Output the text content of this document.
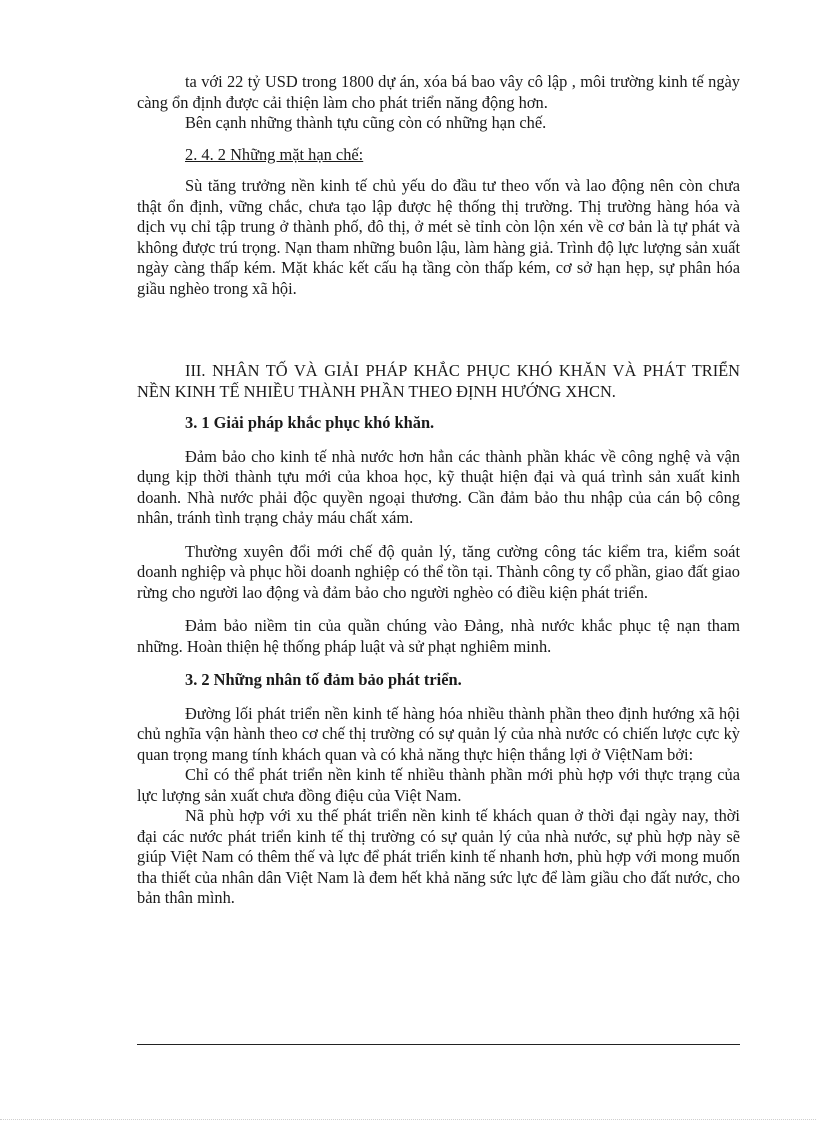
ta với 22 tỷ USD trong 1800 dự án, xóa bá bao vây cô lập , môi trường kinh tế ngày càng ổn định được cải thiện làm cho phát triển năng động hơn.

Bên cạnh những thành tựu cũng còn có những hạn chế.

2. 4. 2 Những mặt hạn chế:

Sù tăng trưởng nền kinh tế chủ yếu do đầu tư theo vốn và lao động nên còn chưa thật ổn định, vững chắc, chưa tạo lập được hệ thống thị trường. Thị trường hàng hóa và dịch vụ chỉ tập trung ở thành phố, đô thị, ở mét sè tỉnh còn lộn xén về cơ bản là tự phát và không được trú trọng. Nạn tham những buôn lậu, làm hàng giả. Trình độ lực lượng sản xuất ngày càng thấp kém. Mặt khác kết cấu hạ tầng còn thấp kém, cơ sở hạn hẹp, sự phân hóa giầu nghèo trong xã hội.

III. NHÂN TỐ VÀ GIẢI PHÁP KHẮC PHỤC KHÓ KHĂN VÀ PHÁT TRIỂN NỀN KINH TẾ NHIỀU THÀNH PHẦN THEO ĐỊNH HƯỚNG XHCN.

3. 1 Giải pháp khắc phục khó khăn.

Đảm bảo cho kinh tế nhà nước hơn hẳn các thành phần khác về công nghệ và vận dụng kịp thời thành tựu mới của khoa học, kỹ thuật hiện đại và quá trình sản xuất kinh doanh. Nhà nước phải độc quyền ngoại thương. Cần đảm bảo thu nhập của cán bộ công nhân, tránh tình trạng chảy máu chất xám.

Thường xuyên đổi mới chế độ quản lý, tăng cường công tác kiểm tra, kiểm soát doanh nghiệp và phục hồi doanh nghiệp có thể tồn tại. Thành công ty cổ phần, giao đất giao rừng cho người lao động và đảm bảo cho người nghèo có điều kiện phát triển.

Đảm bảo niềm tin của quần chúng vào Đảng, nhà nước khắc phục tệ nạn tham những. Hoàn thiện hệ thống pháp luật và sử phạt nghiêm minh.

3. 2 Những nhân tố đảm bảo phát triển.

Đường lối phát triển nền kinh tế hàng hóa nhiều thành phần theo định hướng xã hội chủ nghĩa vận hành theo cơ chế thị trường có sự quản lý của nhà nước có chiến lược cực kỳ quan trọng mang tính khách quan và có khả năng thực hiện thắng lợi ở ViệtNam bởi:

Chỉ có thể phát triển nền kinh tế nhiều thành phần mới phù hợp với thực trạng của lực lượng sản xuất chưa đồng điệu của Việt Nam.

Nã phù hợp với xu thế phát triển nền kinh tế khách quan ở thời đại ngày nay, thời đại các nước phát triển kinh tế thị trường có sự quản lý của nhà nước, sự phù hợp này sẽ giúp Việt Nam có thêm thế và lực để phát triển kinh tế nhanh hơn, phù hợp với mong muốn tha thiết của nhân dân Việt Nam là đem hết khả năng sức lực để làm giầu cho đất nước, cho bản thân mình.
